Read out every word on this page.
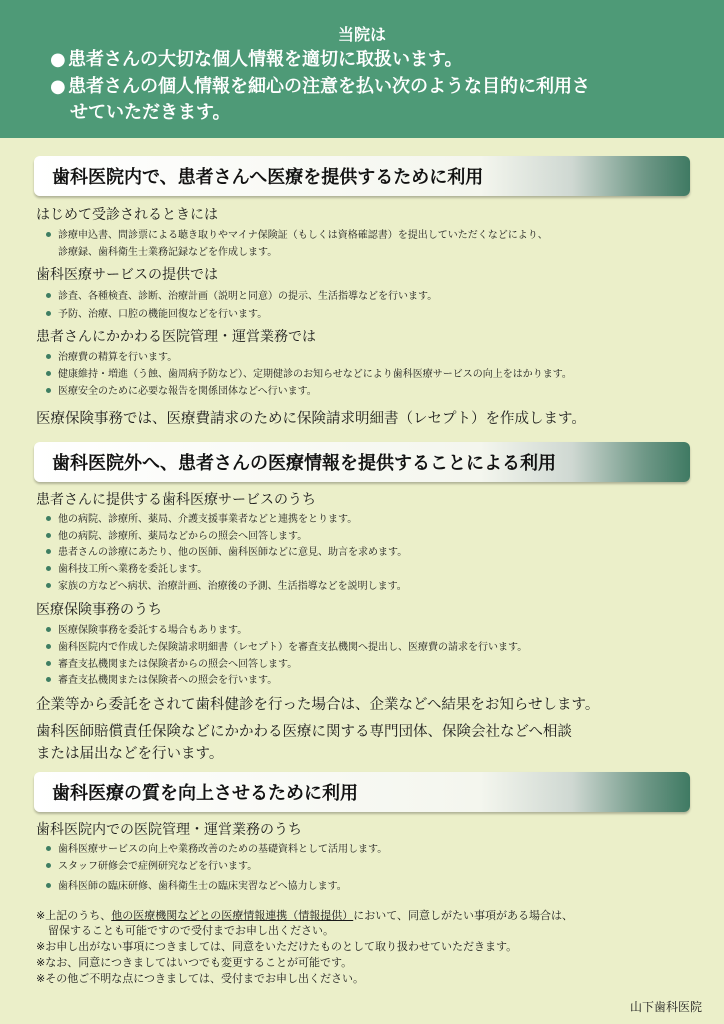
当院は
● 患者さんの大切な個人情報を適切に取扱います。
● 患者さんの個人情報を細心の注意を払い次のような目的に利用さ
せていただきます。
歯科医院内で、患者さんへ医療を提供するために利用
はじめて受診されるときには
診療申込書、問診票による聴き取りやマイナ保険証（もしくは資格確認書）を提出していただくなどにより、
診療録、歯科衛生士業務記録などを作成します。
歯科医療サービスの提供では
診査、各種検査、診断、治療計画（説明と同意）の提示、生活指導などを行います。
予防、治療、口腔の機能回復などを行います。
患者さんにかかわる医院管理・運営業務では
治療費の精算を行います。
健康維持・増進（う蝕、歯周病予防など）、定期健診のお知らせなどにより歯科医療サービスの向上をはかります。
医療安全のために必要な報告を関係団体などへ行います。
医療保険事務では、医療費請求のために保険請求明細書（レセプト）を作成します。
歯科医院外へ、患者さんの医療情報を提供することによる利用
患者さんに提供する歯科医療サービスのうち
他の病院、診療所、薬局、介護支援事業者などと連携をとります。
他の病院、診療所、薬局などからの照会へ回答します。
患者さんの診療にあたり、他の医師、歯科医師などに意見、助言を求めます。
歯科技工所へ業務を委託します。
家族の方などへ病状、治療計画、治療後の予測、生活指導などを説明します。
医療保険事務のうち
医療保険事務を委託する場合もあります。
歯科医院内で作成した保険請求明細書（レセプト）を審査支払機関へ提出し、医療費の請求を行います。
審査支払機関または保険者からの照会へ回答します。
審査支払機関または保険者への照会を行います。
企業等から委託をされて歯科健診を行った場合は、企業などへ結果をお知らせします。
歯科医師賠償責任保険などにかかわる医療に関する専門団体、保険会社などへ相談
または届出などを行います。
歯科医療の質を向上させるために利用
歯科医院内での医院管理・運営業務のうち
歯科医療サービスの向上や業務改善のための基礎資料として活用します。
スタッフ研修会で症例研究などを行います。
歯科医師の臨床研修、歯科衛生士の臨床実習などへ協力します。
※上記のうち、他の医療機関などとの医療情報連携（情報提供）において、同意しがたい事項がある場合は、
留保することも可能ですので受付までお申し出ください。
※お申し出がない事項につきましては、同意をいただけたものとして取り扱わせていただきます。
※なお、同意につきましてはいつでも変更することが可能です。
※その他ご不明な点につきましては、受付までお申し出ください。
山下歯科医院
